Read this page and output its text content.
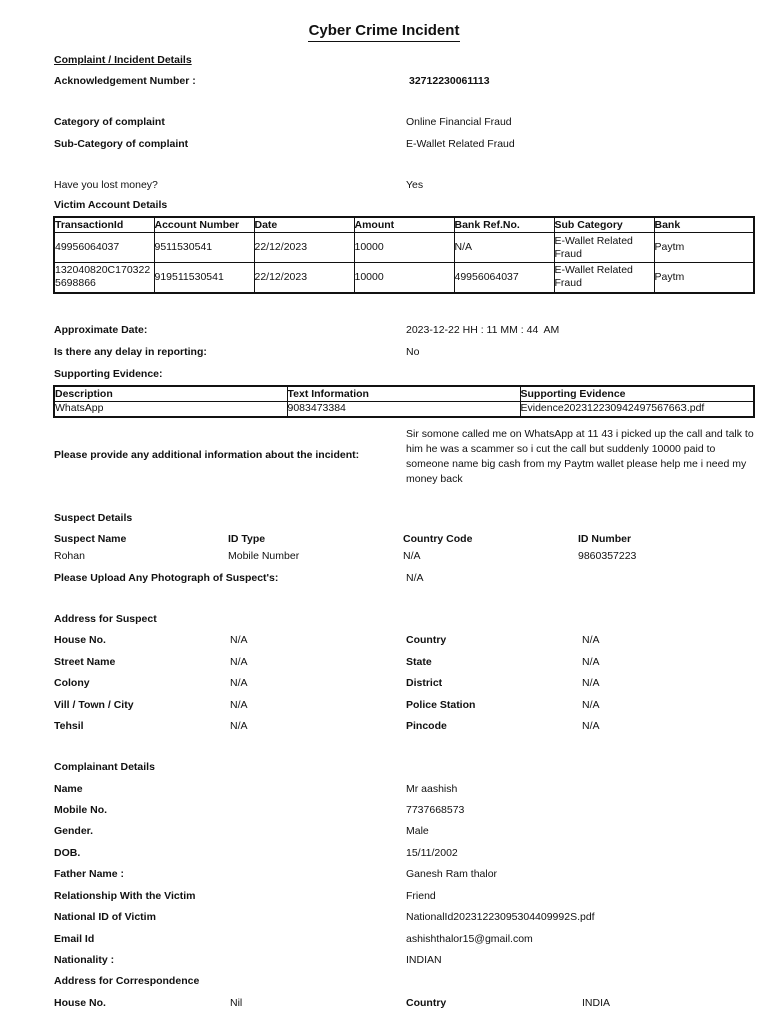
Cyber Crime Incident
Complaint / Incident Details
Acknowledgement Number :	32712230061113
Category of complaint	Online Financial Fraud
Sub-Category of complaint	E-Wallet Related Fraud
Have you lost money?	Yes
Victim Account Details
TransactionId	Account Number	Date	Amount	Bank Ref.No.	Sub Category	Bank
49956064037	9511530541	22/12/2023	10000	N/A	E-Wallet Related Fraud	Paytm
132040820C1703225698866	919511530541	22/12/2023	10000	49956064037	E-Wallet Related Fraud	Paytm
Approximate Date:	2023-12-22 HH : 11 MM : 44  AM
Is there any delay in reporting:	No
Supporting Evidence:
Description	Text Information	Supporting Evidence
WhatsApp	9083473384	Evidence20231223094249756766З.pdf
Please provide any additional information about the incident:
Sir somone called me on WhatsApp at 11 43 i picked up the call and talk to him he was a scammer so i cut the call but suddenly 10000 paid to someone name big cash from my Paytm wallet please help me i need my money back
Suspect Details
Suspect Name	ID Type	Country Code	ID Number
Rohan	Mobile Number	N/A	9860357223
Please Upload Any Photograph of Suspect's:	N/A
Address for Suspect
House No.	N/A	Country	N/A
Street Name	N/A	State	N/A
Colony	N/A	District	N/A
Vill / Town / City	N/A	Police Station	N/A
Tehsil	N/A	Pincode	N/A
Complainant Details
Name	Mr aashish
Mobile No.	7737668573
Gender.	Male
DOB.	15/11/2002
Father Name :	Ganesh Ram thalor
Relationship With the Victim	Friend
National ID of Victim	NationalId20231223095304409992S.pdf
Email Id	ashishthalor15@gmail.com
Nationality :	INDIAN
Address for Correspondence
House No.	Nil	Country	INDIA
